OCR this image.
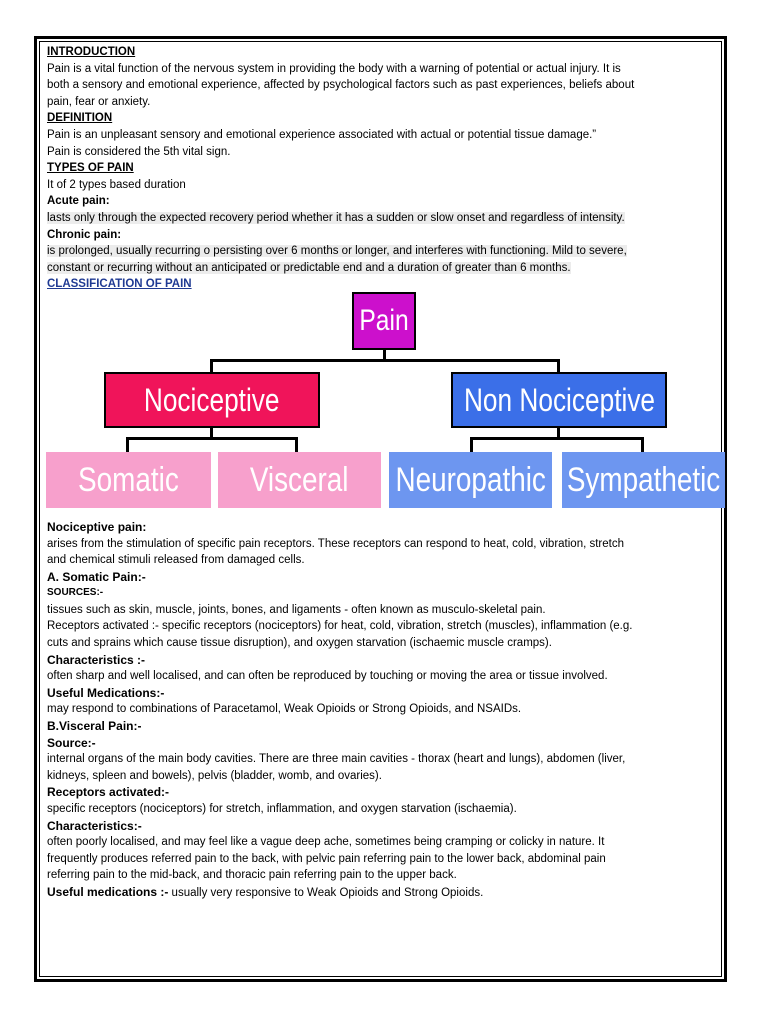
INTRODUCTION

Pain is a vital function of the nervous system in providing the body with a warning of potential or actual injury. It is

both a sensory and emotional experience, affected by psychological factors such as past experiences, beliefs about

pain, fear or anxiety.

DEFINITION

Pain is an unpleasant sensory and emotional experience associated with actual or potential tissue damage.”

Pain is considered the 5th vital sign.

TYPES OF PAIN

It of 2 types based duration

Acute pain:

lasts only through the expected recovery period whether it has a sudden or slow onset and regardless of intensity.

Chronic pain:

is prolonged, usually recurring o persisting over 6 months or longer, and interferes with functioning. Mild to severe,

constant or recurring without an anticipated or predictable end and a duration of greater than 6 months.

CLASSIFICATION OF PAIN

Nociceptive pain:

arises from the stimulation of specific pain receptors. These receptors can respond to heat, cold, vibration, stretch

and chemical stimuli released from damaged cells.

A. Somatic Pain:-

SOURCES:-

tissues such as skin, muscle, joints, bones, and ligaments - often known as musculo-skeletal pain.

Receptors activated :- specific receptors (nociceptors) for heat, cold, vibration, stretch (muscles), inflammation (e.g.

cuts and sprains which cause tissue disruption), and oxygen starvation (ischaemic muscle cramps).

Characteristics :-

often sharp and well localised, and can often be reproduced by touching or moving the area or tissue involved.

Useful Medications:-

may respond to combinations of Paracetamol, Weak Opioids or Strong Opioids, and NSAIDs.

B.Visceral Pain:-

Source:-

internal organs of the main body cavities. There are three main cavities - thorax (heart and lungs), abdomen (liver,

kidneys, spleen and bowels), pelvis (bladder, womb, and ovaries).

Receptors activated:-

specific receptors (nociceptors) for stretch, inflammation, and oxygen starvation (ischaemia).

Characteristics:-

often poorly localised, and may feel like a vague deep ache, sometimes being cramping or colicky in nature. It

frequently produces referred pain to the back, with pelvic pain referring pain to the lower back, abdominal pain

referring pain to the mid-back, and thoracic pain referring pain to the upper back.

Useful medications :- usually very responsive to Weak Opioids and Strong Opioids.

Pain
Nociceptive	Non Nociceptive
Somatic Visceral Neuropathic Sympathetic
